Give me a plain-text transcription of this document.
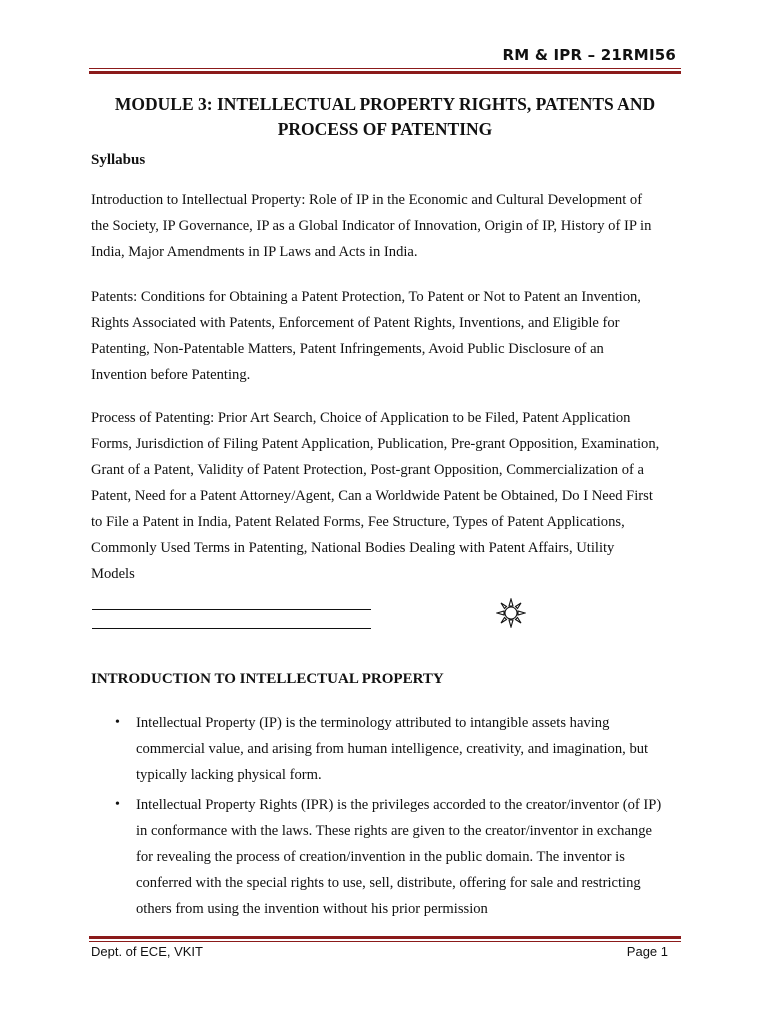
RM & IPR – 21RMI56
MODULE 3: INTELLECTUAL PROPERTY RIGHTS, PATENTS AND
PROCESS OF PATENTING
Syllabus
Introduction to Intellectual Property: Role of IP in the Economic and Cultural Development of
the Society, IP Governance, IP as a Global Indicator of Innovation, Origin of IP, History of IP in
India, Major Amendments in IP Laws and Acts in India.
Patents: Conditions for Obtaining a Patent Protection, To Patent or Not to Patent an Invention,
Rights Associated with Patents, Enforcement of Patent Rights, Inventions, and Eligible for
Patenting, Non-Patentable Matters, Patent Infringements, Avoid Public Disclosure of an
Invention before Patenting.
Process of Patenting: Prior Art Search, Choice of Application to be Filed, Patent Application
Forms, Jurisdiction of Filing Patent Application, Publication, Pre-grant Opposition, Examination,
Grant of a Patent, Validity of Patent Protection, Post-grant Opposition, Commercialization of a
Patent, Need for a Patent Attorney/Agent, Can a Worldwide Patent be Obtained, Do I Need First
to File a Patent in India, Patent Related Forms, Fee Structure, Types of Patent Applications,
Commonly Used Terms in Patenting, National Bodies Dealing with Patent Affairs, Utility
Models
INTRODUCTION TO INTELLECTUAL PROPERTY
• Intellectual Property (IP) is the terminology attributed to intangible assets having
commercial value, and arising from human intelligence, creativity, and imagination, but
typically lacking physical form.
• Intellectual Property Rights (IPR) is the privileges accorded to the creator/inventor (of IP)
in conformance with the laws. These rights are given to the creator/inventor in exchange
for revealing the process of creation/invention in the public domain. The inventor is
conferred with the special rights to use, sell, distribute, offering for sale and restricting
others from using the invention without his prior permission
Dept. of ECE, VKIT	Page 1
